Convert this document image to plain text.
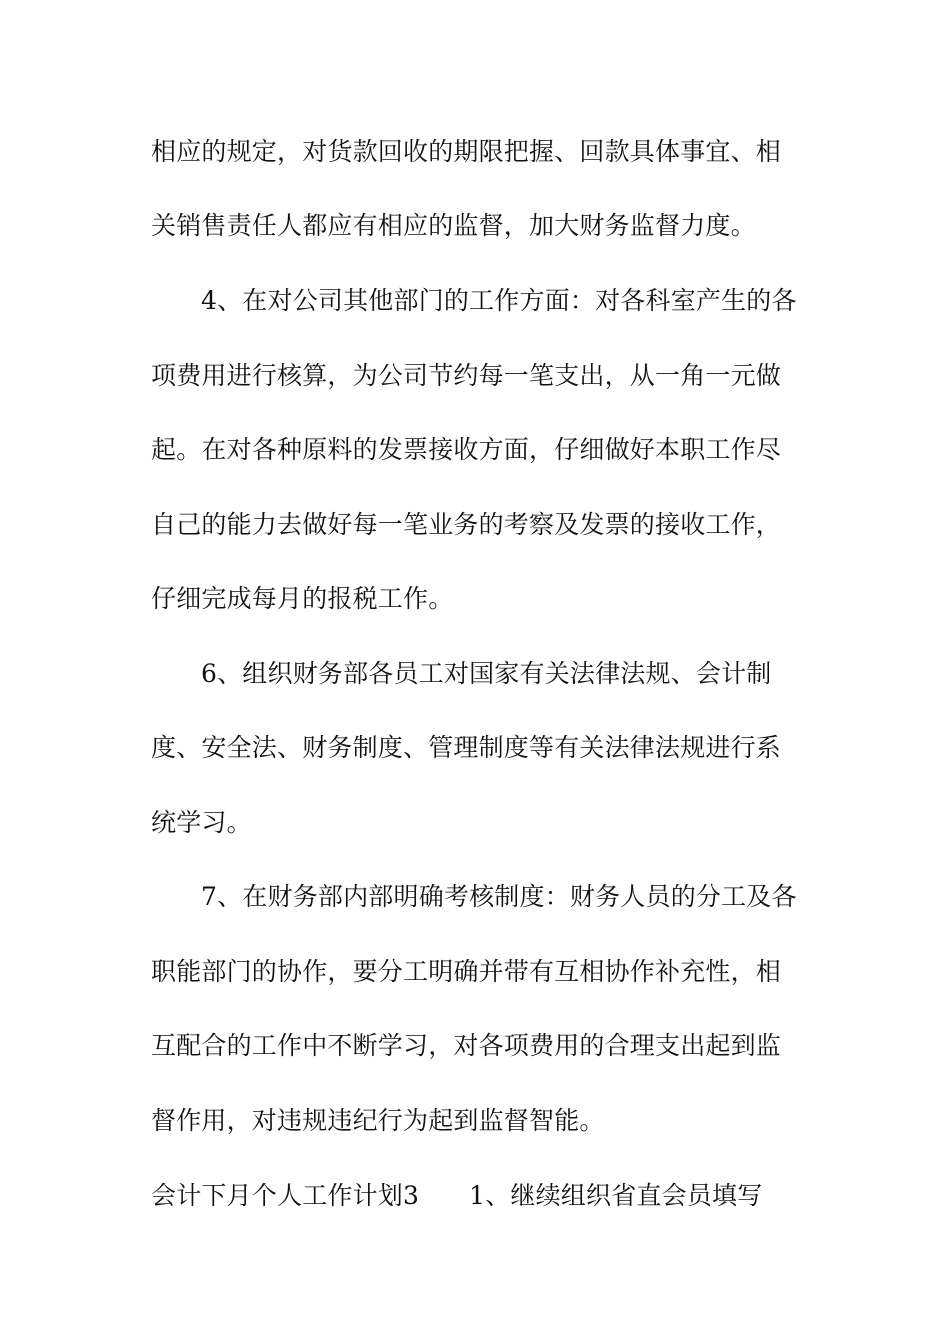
相应的规定，对货款回收的期限把握、回款具体事宜、相
关销售责任人都应有相应的监督，加大财务监督力度。
4、在对公司其他部门的工作方面：对各科室产生的各
项费用进行核算，为公司节约每一笔支出，从一角一元做
起。在对各种原料的发票接收方面，仔细做好本职工作尽
自己的能力去做好每一笔业务的考察及发票的接收工作，
仔细完成每月的报税工作。
6、组织财务部各员工对国家有关法律法规、会计制
度、安全法、财务制度、管理制度等有关法律法规进行系
统学习。
7、在财务部内部明确考核制度：财务人员的分工及各
职能部门的协作，要分工明确并带有互相协作补充性，相
互配合的工作中不断学习，对各项费用的合理支出起到监
督作用，对违规违纪行为起到监督智能。
会计下月个人工作计划3 1、继续组织省直会员填写
